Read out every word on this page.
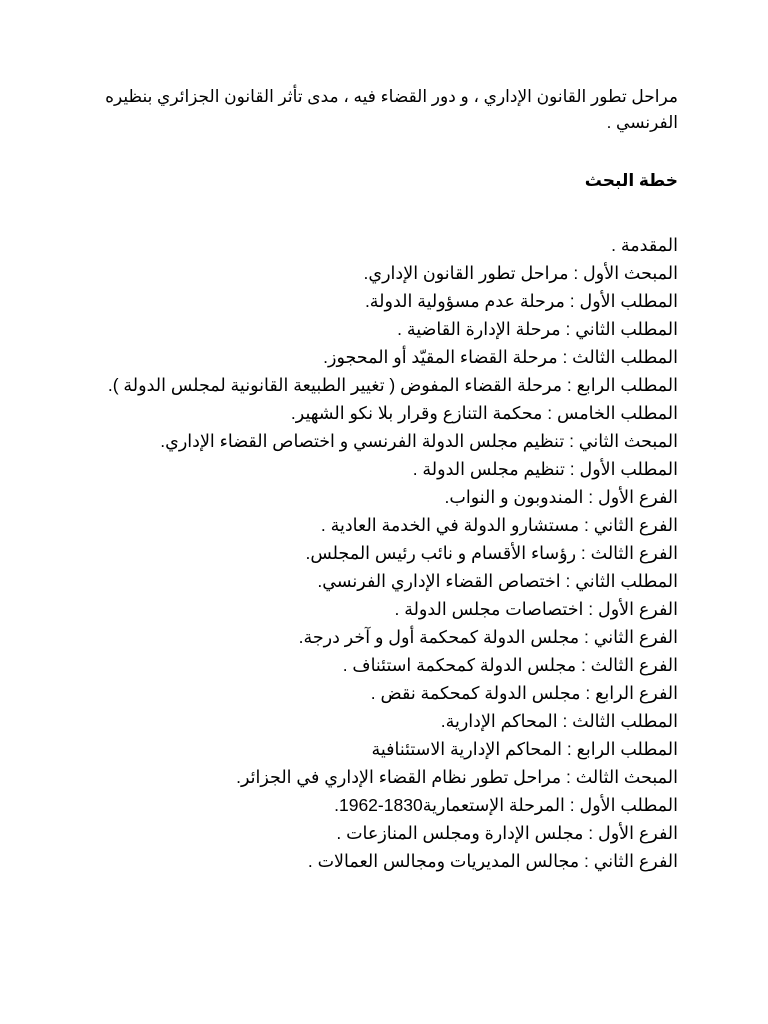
مراحل تطور القانون الإداري ، و دور القضاء فيه ، مدى تأثر القانون الجزائري بنظيره الفرنسي .

خطة البحث

المقدمة .
المبحث الأول : مراحل تطور القانون الإداري.
المطلب الأول : مرحلة عدم مسؤولية الدولة.
المطلب الثاني : مرحلة الإدارة القاضية .
المطلب الثالث : مرحلة القضاء المقيّد أو المحجوز.
المطلب الرابع : مرحلة القضاء المفوض ( تغيير الطبيعة القانونية لمجلس الدولة ).
المطلب الخامس : محكمة التنازع وقرار بلا نكو الشهير.
المبحث الثاني : تنظيم مجلس الدولة الفرنسي و اختصاص القضاء الإداري.
المطلب الأول : تنظيم مجلس الدولة .
الفرع الأول : المندوبون و النواب.
الفرع الثاني : مستشارو الدولة في الخدمة العادية .
الفرع الثالث : رؤساء الأقسام و نائب رئيس المجلس.
المطلب الثاني : اختصاص القضاء الإداري الفرنسي.
الفرع الأول : اختصاصات مجلس الدولة .
الفرع الثاني : مجلس الدولة كمحكمة أول و آخر درجة.
الفرع الثالث : مجلس الدولة كمحكمة استئناف .
الفرع الرابع : مجلس الدولة كمحكمة نقض .
المطلب الثالث : المحاكم الإدارية.
المطلب الرابع : المحاكم الإدارية الاستئنافية
المبحث الثالث : مراحل تطور نظام القضاء الإداري في الجزائر.
المطلب الأول : المرحلة الإستعمارية1830-1962.
الفرع الأول : مجلس الإدارة ومجلس المنازعات .
الفرع الثاني : مجالس المديريات ومجالس العمالات .
